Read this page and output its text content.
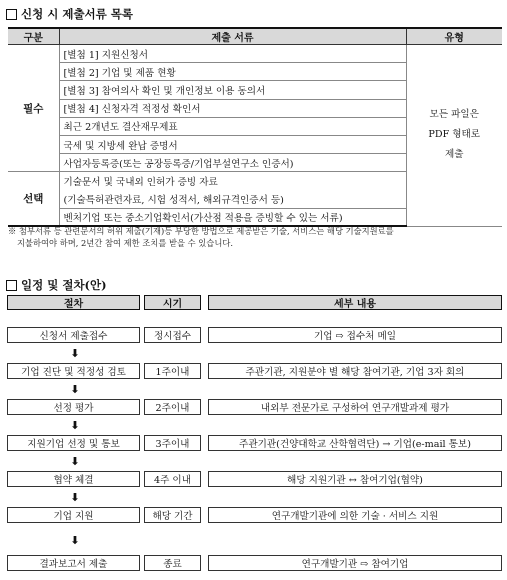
신청 시 제출서류 목록
구분	제출 서류	유형
필수	[별첨 1] 지원신청서	모든 파일은
PDF 형태로
제출
	[별첨 2] 기업 및 제품 현황	
	[별첨 3] 참여의사 확인 및 개인정보 이용 동의서	
	[별첨 4] 신청자격 적정성 확인서	
	최근 2개년도 결산재무제표	
	국세 및 지방세 완납 증명서	
	사업자등록증(또는 공장등록증/기업부설연구소 인증서)	
선택	기술문서 및 국내외 인허가 증빙 자료	
	(기술특허관련자료, 시험 성적서, 해외규격인증서 등)	
	벤처기업 또는 중소기업확인서(가산점 적용을 증빙할 수 있는 서류)	
※ 첨부서류 등 관련문서의 허위 제출(기재)등 부당한 방법으로 제공받은 기술, 서비스는 해당 기술지원료를
지불하여야 하며, 2년간 참여 제한 조치를 받을 수 있습니다.
일정 및 절차(안)
절차	시기	세부 내용
신청서 제출접수	정시접수	기업 ⇨ 접수처 메일
⬇
기업 진단 및 적정성 검토	1주이내	주관기관, 지원분야 별 해당 참여기관, 기업 3자 회의
⬇
선정 평가	2주이내	내외부 전문가로 구성하여 연구개발과제 평가
⬇
지원기업 선정 및 통보	3주이내	주관기관(건양대학교 산학협력단) → 기업(e-mail 통보)
⬇
협약 체결	4주 이내	해당 지원기관 ↔ 참여기업(협약)
⬇
기업 지원	해당 기간	연구개발기관에 의한 기술 · 서비스 지원
⬇
결과보고서 제출	종료	연구개발기관 ⇨ 참여기업
